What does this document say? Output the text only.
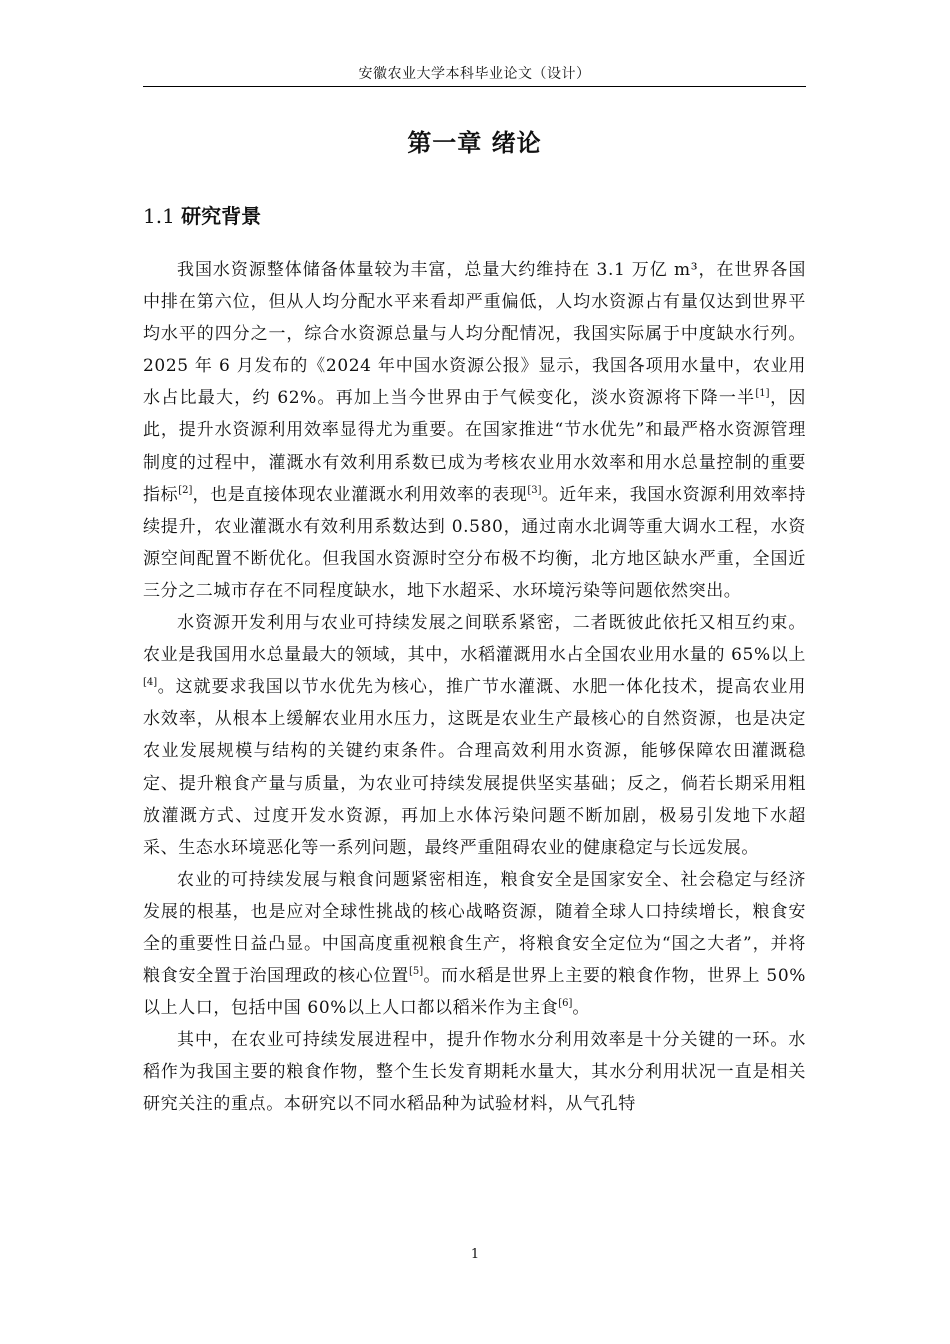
安徽农业大学本科毕业论文（设计）
第一章 绪论
1.1 研究背景

我国水资源整体储备体量较为丰富，总量大约维持在 3.1 万亿 m³，在世界各国中排在第六位，但从人均分配水平来看却严重偏低，人均水资源占有量仅达到世界平均水平的四分之一，综合水资源总量与人均分配情况，我国实际属于中度缺水行列。2025 年 6 月发布的《2024 年中国水资源公报》显示，我国各项用水量中，农业用水占比最大，约 62%。再加上当今世界由于气候变化，淡水资源将下降一半[1]，因此，提升水资源利用效率显得尤为重要。在国家推进“节水优先”和最严格水资源管理制度的过程中，灌溉水有效利用系数已成为考核农业用水效率和用水总量控制的重要指标[2]，也是直接体现农业灌溉水利用效率的表现[3]。近年来，我国水资源利用效率持续提升，农业灌溉水有效利用系数达到 0.580，通过南水北调等重大调水工程，水资源空间配置不断优化。但我国水资源时空分布极不均衡，北方地区缺水严重，全国近三分之二城市存在不同程度缺水，地下水超采、水环境污染等问题依然突出。

水资源开发利用与农业可持续发展之间联系紧密，二者既彼此依托又相互约束。农业是我国用水总量最大的领域，其中，水稻灌溉用水占全国农业用水量的 65%以上[4]。这就要求我国以节水优先为核心，推广节水灌溉、水肥一体化技术，提高农业用水效率，从根本上缓解农业用水压力，这既是农业生产最核心的自然资源，也是决定农业发展规模与结构的关键约束条件。合理高效利用水资源，能够保障农田灌溉稳定、提升粮食产量与质量，为农业可持续发展提供坚实基础；反之，倘若长期采用粗放灌溉方式、过度开发水资源，再加上水体污染问题不断加剧，极易引发地下水超采、生态水环境恶化等一系列问题，最终严重阻碍农业的健康稳定与长远发展。

农业的可持续发展与粮食问题紧密相连，粮食安全是国家安全、社会稳定与经济发展的根基，也是应对全球性挑战的核心战略资源，随着全球人口持续增长，粮食安全的重要性日益凸显。中国高度重视粮食生产，将粮食安全定位为“国之大者”，并将粮食安全置于治国理政的核心位置[5]。而水稻是世界上主要的粮食作物，世界上 50%以上人口，包括中国 60%以上人口都以稻米作为主食[6]。

其中，在农业可持续发展进程中，提升作物水分利用效率是十分关键的一环。水稻作为我国主要的粮食作物，整个生长发育期耗水量大，其水分利用状况一直是相关研究关注的重点。本研究以不同水稻品种为试验材料，从气孔特

1
